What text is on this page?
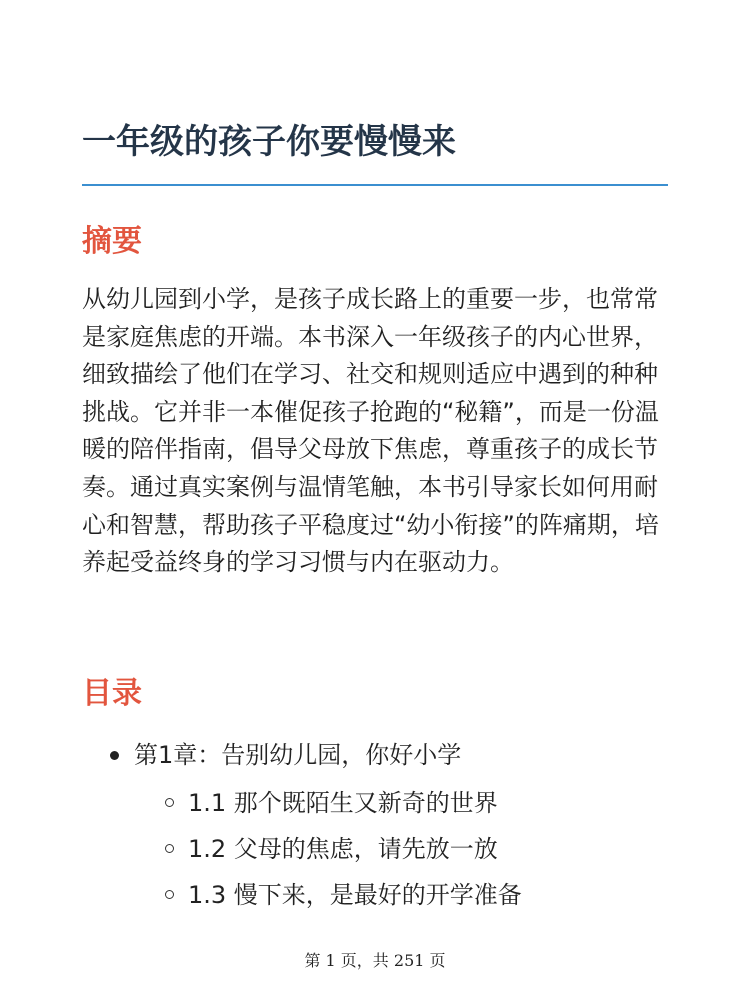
一年级的孩子你要慢慢来
摘要

从幼儿园到小学，是孩子成长路上的重要一步，也常常是家庭焦虑的开端。本书深入一年级孩子的内心世界，细致描绘了他们在学习、社交和规则适应中遇到的种种挑战。它并非一本催促孩子抢跑的“秘籍”，而是一份温暖的陪伴指南，倡导父母放下焦虑，尊重孩子的成长节奏。通过真实案例与温情笔触，本书引导家长如何用耐心和智慧，帮助孩子平稳度过“幼小衔接”的阵痛期，培养起受益终身的学习习惯与内在驱动力。

目录
第1章：告别幼儿园，你好小学
1.1 那个既陌生又新奇的世界
1.2 父母的焦虑，请先放一放
1.3 慢下来，是最好的开学准备
第 1 页，共 251 页
